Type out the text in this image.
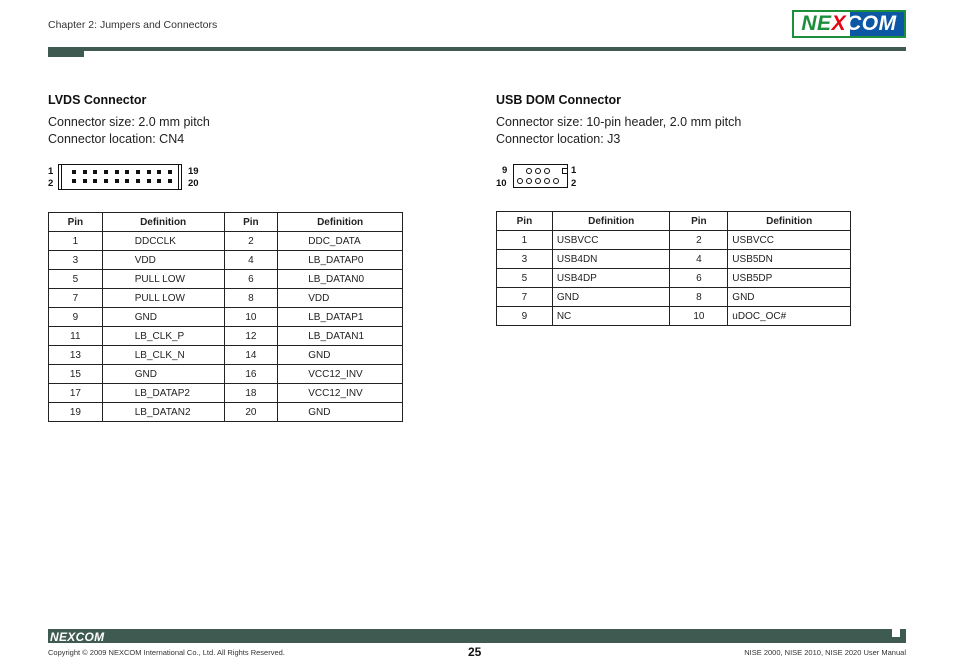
Chapter 2: Jumpers and Connectors	NE X COM
LVDS Connector
Connector size: 2.0 mm pitch
Connector location: CN4
1
2
19
20
Pin	Definition	Pin	Definition
1	DDCCLK	2	DDC_DATA
3	VDD	4	LB_DATAP0
5	PULL LOW	6	LB_DATAN0
7	PULL LOW	8	VDD
9	GND	10	LB_DATAP1
11	LB_CLK_P	12	LB_DATAN1
13	LB_CLK_N	14	GND
15	GND	16	VCC12_INV
17	LB_DATAP2	18	VCC12_INV
19	LB_DATAN2	20	GND
USB DOM Connector
Connector size: 10-pin header, 2.0 mm pitch
Connector location: J3
9
10
1
2
Pin	Definition	Pin	Definition
1	USBVCC	2	USBVCC
3	USB4DN	4	USB5DN
5	USB4DP	6	USB5DP
7	GND	8	GND
9	NC	10	uDOC_OC#
NEXCOM
Copyright © 2009 NEXCOM International Co., Ltd. All Rights Reserved.	25	NISE 2000, NISE 2010, NISE 2020 User Manual
